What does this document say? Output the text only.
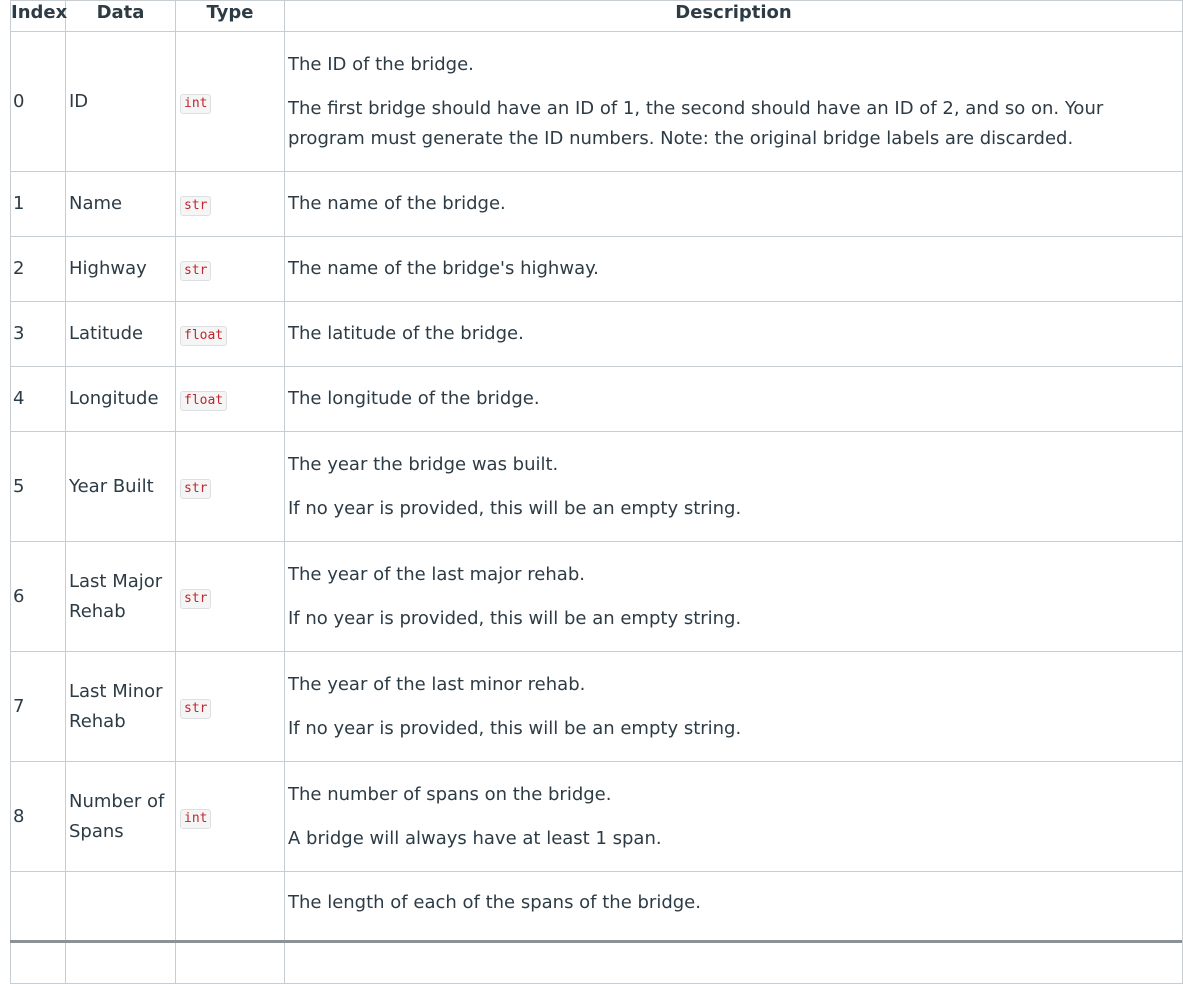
Index	Data	Type	Description
0	ID	int	The ID of the bridge.

The first bridge should have an ID of 1, the second should have an ID of 2, and so on. Your program must generate the ID numbers. Note: the original bridge labels are discarded.

1	Name	str	The name of the bridge.

2	Highway	str	The name of the bridge's highway.

3	Latitude	float	The latitude of the bridge.

4	Longitude	float	The longitude of the bridge.

5	Year Built	str	The year the bridge was built.

If no year is provided, this will be an empty string.

6	Last Major Rehab	str	The year of the last major rehab.

If no year is provided, this will be an empty string.

7	Last Minor Rehab	str	The year of the last minor rehab.

If no year is provided, this will be an empty string.

8	Number of Spans	int	The number of spans on the bridge.

A bridge will always have at least 1 span.

			The length of each of the spans of the bridge.
